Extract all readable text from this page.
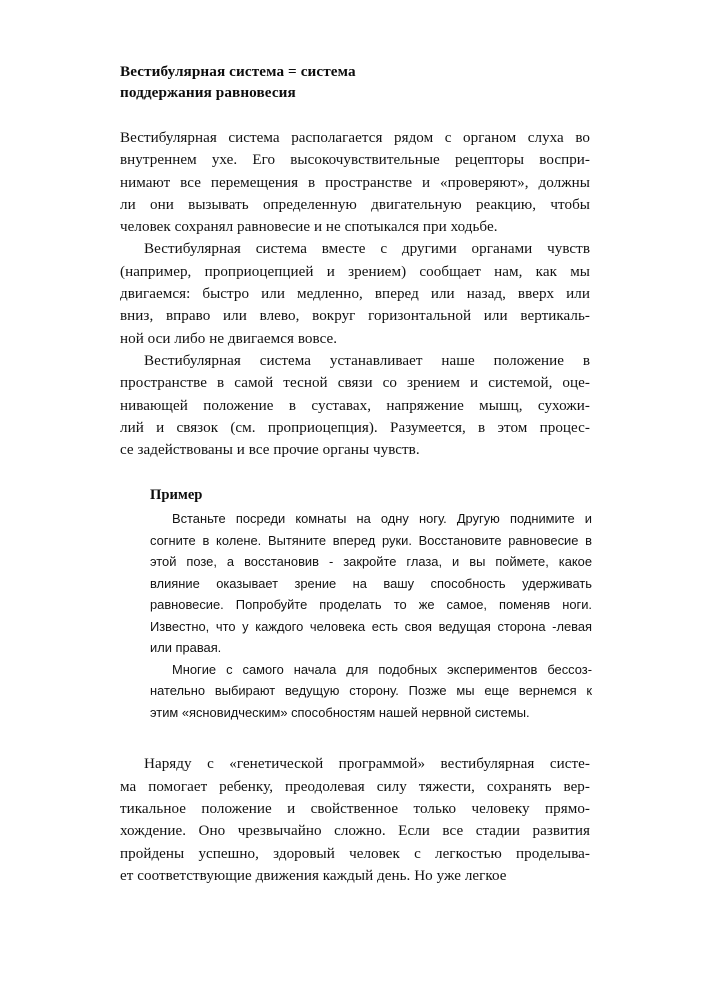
Вестибулярная система = система
поддержания равновесия

Вестибулярная система располагается рядом с органом слуха во
внутреннем ухе. Его высокочувствительные рецепторы воспри-
нимают все перемещения в пространстве и «проверяют», должны
ли они вызывать определенную двигательную реакцию, чтобы
человек сохранял равновесие и не спотыкался при ходьбе.

Вестибулярная система вместе с другими органами чувств
(например, проприоцепцией и зрением) сообщает нам, как мы
двигаемся: быстро или медленно, вперед или назад, вверх или
вниз, вправо или влево, вокруг горизонтальной или вертикаль-
ной оси либо не двигаемся вовсе.

Вестибулярная система устанавливает наше положение в
пространстве в самой тесной связи со зрением и системой, оце-
нивающей положение в суставах, напряжение мышц, сухожи-
лий и связок (см. проприоцепция). Разумеется, в этом процес-
се задействованы и все прочие органы чувств.

Пример

Встаньте посреди комнаты на одну ногу. Другую поднимите и
согните в колене. Вытяните вперед руки. Восстановите равновесие в
этой позе, а восстановив - закройте глаза, и вы поймете, какое
влияние оказывает зрение на вашу способность удерживать
равновесие. Попробуйте проделать то же самое, поменяв ноги.
Известно, что у каждого человека есть своя ведущая сторона -левая
или правая.

Многие с самого начала для подобных экспериментов бессоз-
нательно выбирают ведущую сторону. Позже мы еще вернемся к
этим «ясновидческим» способностям нашей нервной системы.

Наряду с «генетической программой» вестибулярная систе-
ма помогает ребенку, преодолевая силу тяжести, сохранять вер-
тикальное положение и свойственное только человеку прямо-
хождение. Оно чрезвычайно сложно. Если все стадии развития
пройдены успешно, здоровый человек с легкостью проделыва-
ет соответствующие движения каждый день. Но уже легкое
